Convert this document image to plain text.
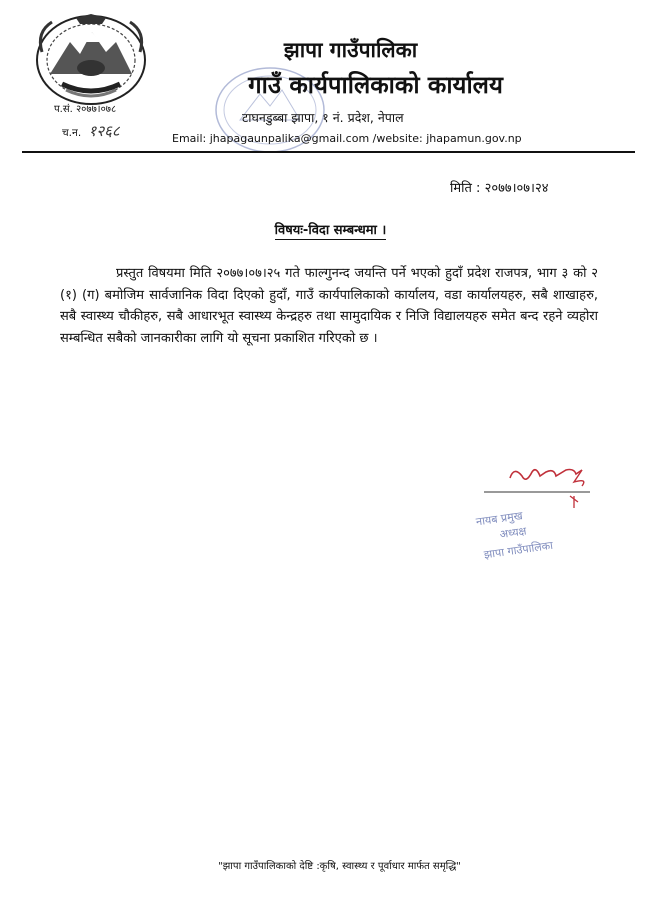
झापा गाउँपालिका
गाउँ कार्यपालिकाको कार्यालय
टाघनडुब्बा झापा, १ नं. प्रदेश, नेपाल
Email: jhapagaunpalika@gmail.com /website: jhapamun.gov.np
प.सं. २०७७।०७८
च.न. १२६८
मिति : २०७७।०७।२४
विषयः-विदा सम्बन्धमा ।
प्रस्तुत विषयमा मिति २०७७।०७।२५ गते फाल्गुनन्द जयन्ति पर्ने भएको हुदाँ प्रदेश राजपत्र, भाग ३ को २ (१) (ग) बमोजिम सार्वजानिक विदा दिएको हुदाँ, गाउँ कार्यपालिकाको कार्यालय, वडा कार्यालयहरु, सबै शाखाहरु, सबै स्वास्थ्य चौकीहरु, सबै आधारभूत स्वास्थ्य केन्द्रहरु तथा सामुदायिक र निजि विद्यालयहरु समेत बन्द रहने व्यहोरा सम्बन्धित सबैको जानकारीका लागि यो सूचना प्रकाशित गरिएको छ ।
नायब प्रमुख
अध्यक्ष
झापा गाउँपालिका
"झापा गाउँपालिकाको देष्टि :कृषि, स्वास्थ्य र पूर्वाधार मार्फत समृद्धि"
